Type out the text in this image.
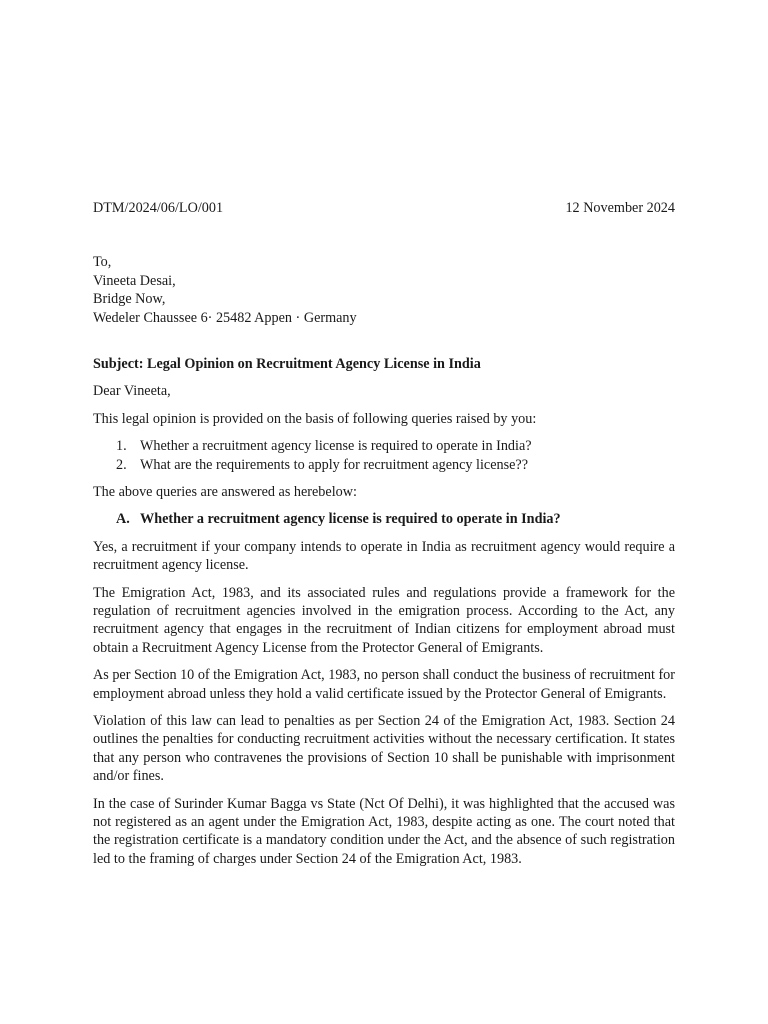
DTM/2024/06/LO/001	12 November 2024
To,
Vineeta Desai,
Bridge Now,
Wedeler Chaussee 6· 25482 Appen · Germany
Subject: Legal Opinion on Recruitment Agency License in India
Dear Vineeta,
This legal opinion is provided on the basis of following queries raised by you:
1. Whether a recruitment agency license is required to operate in India?
2. What are the requirements to apply for recruitment agency license??
The above queries are answered as herebelow:
A. Whether a recruitment agency license is required to operate in India?

Yes, a recruitment if your company intends to operate in India as recruitment agency would require a recruitment agency license.

The Emigration Act, 1983, and its associated rules and regulations provide a framework for the regulation of recruitment agencies involved in the emigration process. According to the Act, any recruitment agency that engages in the recruitment of Indian citizens for employment abroad must obtain a Recruitment Agency License from the Protector General of Emigrants.

As per Section 10 of the Emigration Act, 1983, no person shall conduct the business of recruitment for employment abroad unless they hold a valid certificate issued by the Protector General of Emigrants.

Violation of this law can lead to penalties as per Section 24 of the Emigration Act, 1983. Section 24 outlines the penalties for conducting recruitment activities without the necessary certification. It states that any person who contravenes the provisions of Section 10 shall be punishable with imprisonment and/or fines.

In the case of Surinder Kumar Bagga vs State (Nct Of Delhi), it was highlighted that the accused was not registered as an agent under the Emigration Act, 1983, despite acting as one. The court noted that the registration certificate is a mandatory condition under the Act, and the absence of such registration led to the framing of charges under Section 24 of the Emigration Act, 1983.
